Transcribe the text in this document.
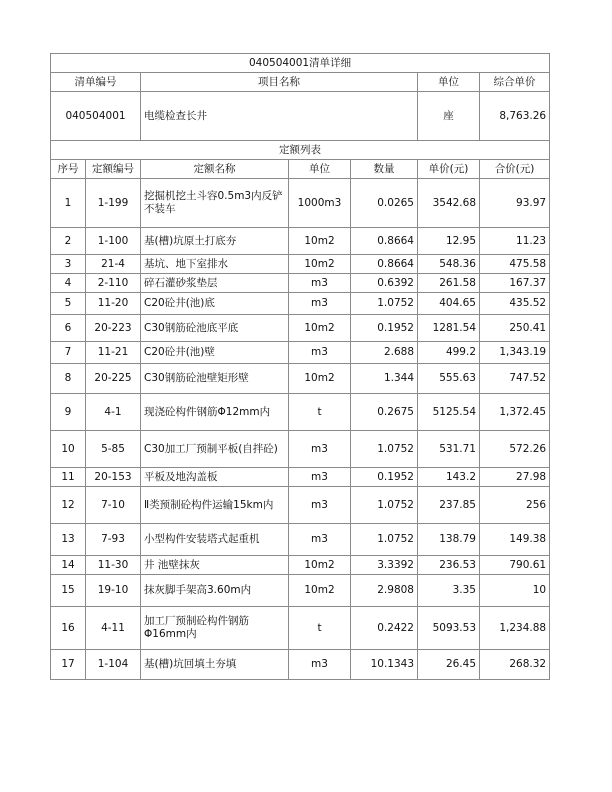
040504001清单详细						
清单编号		项目名称			单位	综合单价
040504001		电缆检查长井			座	8,763.26
定额列表						
序号	定额编号	定额名称	单位	数量	单价(元)	合价(元)
1	1-199	挖掘机挖土斗容0.5m3内反铲不装车	1000m3	0.0265	3542.68	93.97
2	1-100	基(槽)坑原土打底夯	10m2	0.8664	12.95	11.23
3	21-4	基坑、地下室排水	10m2	0.8664	548.36	475.58
4	2-110	碎石灌砂浆垫层	m3	0.6392	261.58	167.37
5	11-20	C20砼井(池)底	m3	1.0752	404.65	435.52
6	20-223	C30钢筋砼池底平底	10m2	0.1952	1281.54	250.41
7	11-21	C20砼井(池)壁	m3	2.688	499.2	1,343.19
8	20-225	C30钢筋砼池壁矩形壁	10m2	1.344	555.63	747.52
9	4-1	现浇砼构件钢筋Φ12mm内	t	0.2675	5125.54	1,372.45
10	5-85	C30加工厂预制平板(自拌砼)	m3	1.0752	531.71	572.26
11	20-153	平板及地沟盖板	m3	0.1952	143.2	27.98
12	7-10	Ⅱ类预制砼构件运输15km内	m3	1.0752	237.85	256
13	7-93	小型构件安装塔式起重机	m3	1.0752	138.79	149.38
14	11-30	井 池壁抹灰	10m2	3.3392	236.53	790.61
15	19-10	抹灰脚手架高3.60m内	10m2	2.9808	3.35	10
16	4-11	加工厂预制砼构件钢筋Φ16mm内	t	0.2422	5093.53	1,234.88
17	1-104	基(槽)坑回填土夯填	m3	10.1343	26.45	268.32
